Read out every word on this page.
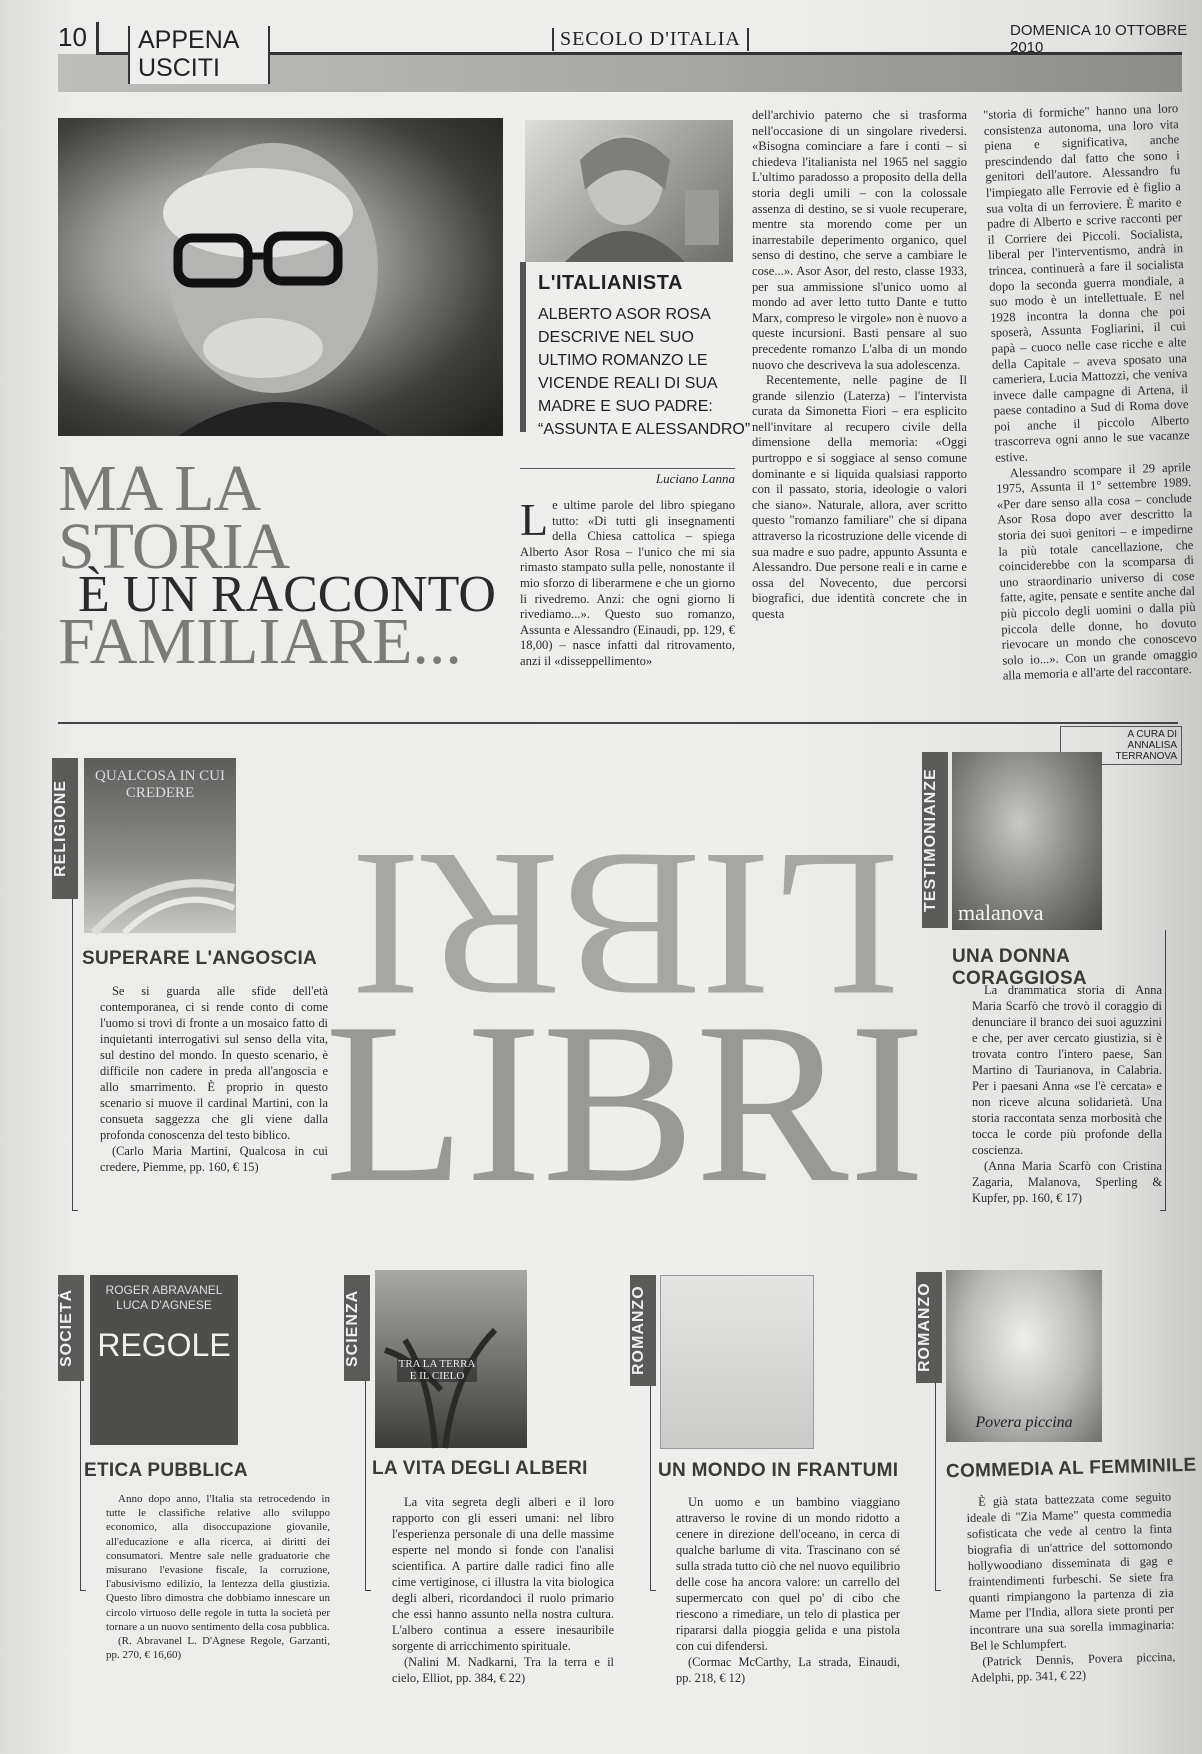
10	APPENA
USCITI
SECOLO D'ITALIA	DOMENICA 10 OTTOBRE 2010
L'ITALIANISTA
ALBERTO ASOR ROSA DESCRIVE NEL SUO ULTIMO ROMANZO LE VICENDE REALI DI SUA MADRE E SUO PADRE: “ASSUNTA E ALESSANDRO”
MA LA STORIA
È UN RACCONTO
FAMILIARE...
Luciano Lanna

Le ultime parole del libro spiegano tutto: «Di tutti gli insegnamenti della Chiesa cattolica – spiega Alberto Asor Rosa – l'unico che mi sia rimasto stampato sulla pelle, nonostante il mio sforzo di liberarmene e che un giorno li rivedremo. Anzi: che ogni giorno li rivediamo...». Questo suo romanzo, Assunta e Alessandro (Einaudi, pp. 129, € 18,00) – nasce infatti dal ritrovamento, anzi il «disseppellimento»

dell'archivio paterno che si trasforma nell'occasione di un singolare rivedersi. «Bisogna cominciare a fare i conti – si chiedeva l'italianista nel 1965 nel saggio L'ultimo paradosso a proposito della della storia degli umili – con la colossale assenza di destino, se si vuole recuperare, mentre sta morendo come per un inarrestabile deperimento organico, quel senso di destino, che serve a cambiare le cose...». Asor Asor, del resto, classe 1933, per sua ammissione sl'unico uomo al mondo ad aver letto tutto Dante e tutto Marx, compreso le virgole» non è nuovo a queste incursioni. Basti pensare al suo precedente romanzo L'alba di un mondo nuovo che descriveva la sua adolescenza.

Recentemente, nelle pagine de Il grande silenzio (Laterza) – l'intervista curata da Simonetta Fiori – era esplicito nell'invitare al recupero civile della dimensione della memoria: «Oggi purtroppo e si soggiace al senso comune dominante e si liquida qualsiasi rapporto con il passato, storia, ideologie o valori che siano». Naturale, allora, aver scritto questo "romanzo familiare" che si dipana attraverso la ricostruzione delle vicende di sua madre e suo padre, appunto Assunta e Alessandro. Due persone reali e in carne e ossa del Novecento, due percorsi biografici, due identità concrete che in questa

"storia di formiche" hanno una loro consistenza autonoma, una loro vita piena e significativa, anche prescindendo dal fatto che sono i genitori dell'autore. Alessandro fu l'impiegato alle Ferrovie ed è figlio a sua volta di un ferroviere. È marito e padre di Alberto e scrive racconti per il Corriere dei Piccoli. Socialista, liberal per l'interventismo, andrà in trincea, continuerà a fare il socialista dopo la seconda guerra mondiale, a suo modo è un intellettuale. E nel 1928 incontra la donna che poi sposerà, Assunta Fogliarini, il cui papà – cuoco nelle case ricche e alte della Capitale – aveva sposato una cameriera, Lucia Mattozzi, che veniva invece dalle campagne di Artena, il paese contadino a Sud di Roma dove poi anche il piccolo Alberto trascorreva ogni anno le sue vacanze estive.

Alessandro scompare il 29 aprile 1975, Assunta il 1° settembre 1989. «Per dare senso alla cosa – conclude Asor Rosa dopo aver descritto la storia dei suoi genitori – e impedirne la più totale cancellazione, che coinciderebbe con la scomparsa di uno straordinario universo di cose fatte, agite, pensate e sentite anche dal più piccolo degli uomini o dalla più piccola delle donne, ho dovuto rievocare un mondo che conoscevo solo io...». Con un grande omaggio alla memoria e all'arte del raccontare.

A CURA DI
ANNALISA TERRANOVA
LIBRI
LIBRI
RELIGIONE
QUALCOSA IN CUI CREDERE
SUPERARE L'ANGOSCIA

Se si guarda alle sfide dell'età contemporanea, ci si rende conto di come l'uomo si trovi di fronte a un mosaico fatto di inquietanti interrogativi sul senso della vita, sul destino del mondo. In questo scenario, è difficile non cadere in preda all'angoscia e allo smarrimento. È proprio in questo scenario si muove il cardinal Martini, con la consueta saggezza che gli viene dalla profonda conoscenza del testo biblico.

(Carlo Maria Martini, Qualcosa in cui credere, Piemme, pp. 160, € 15)

TESTIMONIANZE
malanova
UNA DONNA CORAGGIOSA

La drammatica storia di Anna Maria Scarfò che trovò il coraggio di denunciare il branco dei suoi aguzzini e che, per aver cercato giustizia, si è trovata contro l'intero paese, San Martino di Taurianova, in Calabria. Per i paesani Anna «se l'è cercata» e non riceve alcuna solidarietà. Una storia raccontata senza morbosità che tocca le corde più profonde della coscienza.

(Anna Maria Scarfò con Cristina Zagaria, Malanova, Sperling & Kupfer, pp. 160, € 17)

SOCIETÀ	ROGER ABRAVANEL LUCA D'AGNESE
REGOLE
ETICA PUBBLICA

Anno dopo anno, l'Italia sta retrocedendo in tutte le classifiche relative allo sviluppo economico, alla disoccupazione giovanile, all'educazione e alla ricerca, ai diritti dei consumatori. Mentre sale nelle graduatorie che misurano l'evasione fiscale, la corruzione, l'abusivismo edilizio, la lentezza della giustizia. Questo libro dimostra che dobbiamo innescare un circolo virtuoso delle regole in tutta la società per tornare a un nuovo sentimento della cosa pubblica.

(R. Abravanel L. D'Agnese Regole, Garzanti, pp. 270, € 16,60)

SCIENZA	TRA LA TERRA E IL CIELO
LA VITA DEGLI ALBERI

La vita segreta degli alberi e il loro rapporto con gli esseri umani: nel libro l'esperienza personale di una delle massime esperte nel mondo si fonde con l'analisi scientifica. A partire dalle radici fino alle cime vertiginose, ci illustra la vita biologica degli alberi, ricordandoci il ruolo primario che essi hanno assunto nella nostra cultura. L'albero continua a essere inesauribile sorgente di arricchimento spirituale.

(Nalini M. Nadkarni, Tra la terra e il cielo, Elliot, pp. 384, € 22)

ROMANZO
UN MONDO IN FRANTUMI

Un uomo e un bambino viaggiano attraverso le rovine di un mondo ridotto a cenere in direzione dell'oceano, in cerca di qualche barlume di vita. Trascinano con sé sulla strada tutto ciò che nel nuovo equilibrio delle cose ha ancora valore: un carrello del supermercato con quel po' di cibo che riescono a rimediare, un telo di plastica per ripararsi dalla pioggia gelida e una pistola con cui difendersi.

(Cormac McCarthy, La strada, Einaudi, pp. 218, € 12)

ROMANZO
Povera piccina
COMMEDIA AL FEMMINILE

È già stata battezzata come seguito ideale di "Zia Mame" questa commedia sofisticata che vede al centro la finta biografia di un'attrice del sottomondo hollywoodiano disseminata di gag e fraintendimenti furbeschi. Se siete fra quanti rimpiangono la partenza di zia Mame per l'India, allora siete pronti per incontrare una sua sorella immaginaria: Bel le Schlumpfert.

(Patrick Dennis, Povera piccina, Adelphi, pp. 341, € 22)
